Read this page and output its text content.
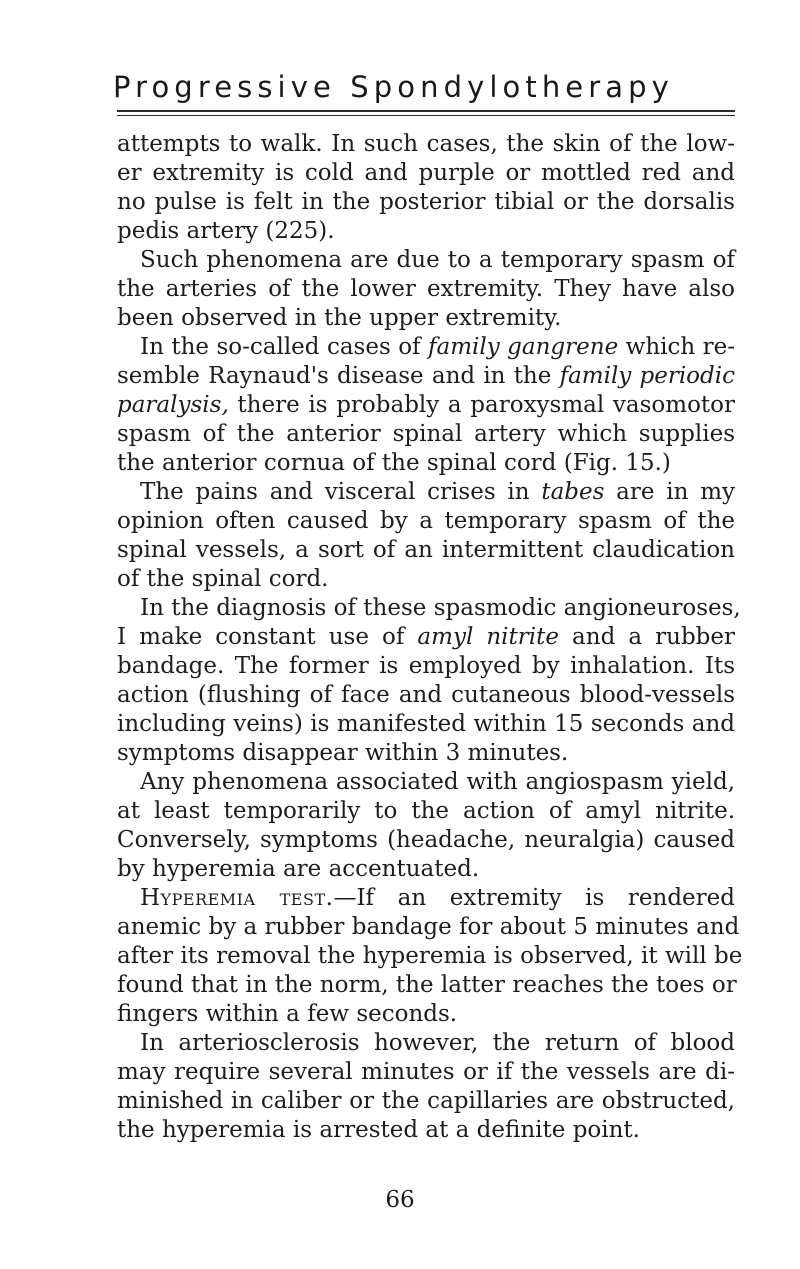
Progressive Spondylotherapy
attempts to walk. In such cases, the skin of the low-
er extremity is cold and purple or mottled red and
no pulse is felt in the posterior tibial or the dorsalis
pedis artery (225).
Such phenomena are due to a temporary spasm of
the arteries of the lower extremity. They have also
been observed in the upper extremity.
In the so-called cases of family gangrene which re-
semble Raynaud's disease and in the family periodic
paralysis, there is probably a paroxysmal vasomotor
spasm of the anterior spinal artery which supplies
the anterior cornua of the spinal cord (Fig. 15.)
The pains and visceral crises in tabes are in my
opinion often caused by a temporary spasm of the
spinal vessels, a sort of an intermittent claudication
of the spinal cord.
In the diagnosis of these spasmodic angioneuroses,
I make constant use of amyl nitrite and a rubber
bandage. The former is employed by inhalation. Its
action (flushing of face and cutaneous blood-vessels
including veins) is manifested within 15 seconds and
symptoms disappear within 3 minutes.
Any phenomena associated with angiospasm yield,
at least temporarily to the action of amyl nitrite.
Conversely, symptoms (headache, neuralgia) caused
by hyperemia are accentuated.
Hyperemia test.—If an extremity is rendered
anemic by a rubber bandage for about 5 minutes and
after its removal the hyperemia is observed, it will be
found that in the norm, the latter reaches the toes or
fingers within a few seconds.
In arteriosclerosis however, the return of blood
may require several minutes or if the vessels are di-
minished in caliber or the capillaries are obstructed,
the hyperemia is arrested at a definite point.
66
